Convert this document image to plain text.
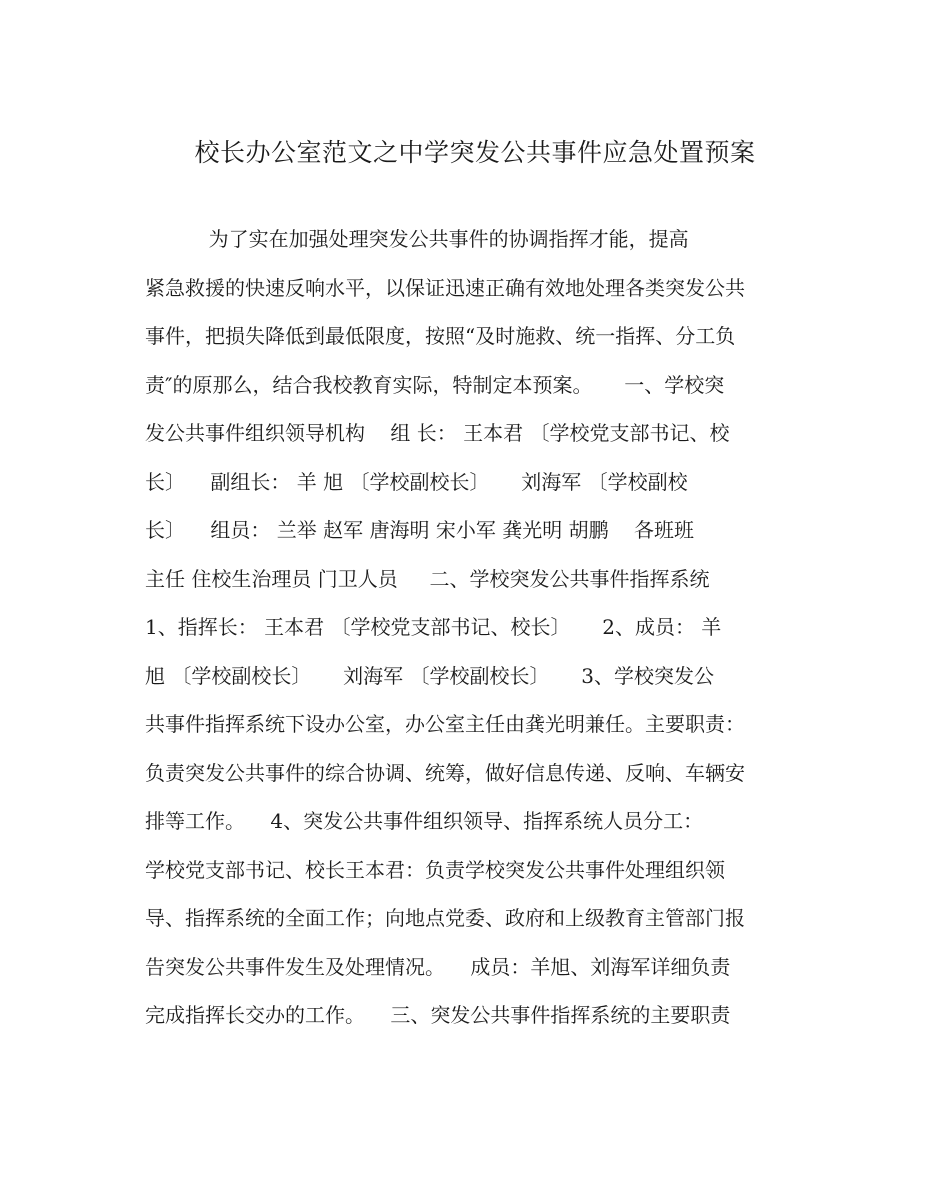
校长办公室范文之中学突发公共事件应急处置预案
为了实在加强处理突发公共事件的协调指挥才能，提高
紧急救援的快速反响水平，以保证迅速正确有效地处理各类突发公共
事件，把损失降低到最低限度，按照“及时施救、统一指挥、分工负
责″的原那么，结合我校教育实际，特制定本预案。     一、学校突
发公共事件组织领导机构    组 长： 王本君 〔学校党支部书记、校
长〕    副组长： 羊 旭 〔学校副校长〕     刘海军 〔学校副校
长〕    组员： 兰举 赵军 唐海明 宋小军 龚光明 胡鹏    各班班
主任 住校生治理员 门卫人员     二、学校突发公共事件指挥系统
1、指挥长： 王本君 〔学校党支部书记、校长〕     2、成员： 羊
旭 〔学校副校长〕     刘海军 〔学校副校长〕     3、学校突发公
共事件指挥系统下设办公室，办公室主任由龚光明兼任。主要职责：
负责突发公共事件的综合协调、统筹，做好信息传递、反响、车辆安
排等工作。    4、突发公共事件组织领导、指挥系统人员分工：
学校党支部书记、校长王本君：负责学校突发公共事件处理组织领
导、指挥系统的全面工作；向地点党委、政府和上级教育主管部门报
告突发公共事件发生及处理情况。    成员：羊旭、刘海军详细负责
完成指挥长交办的工作。    三、突发公共事件指挥系统的主要职责
